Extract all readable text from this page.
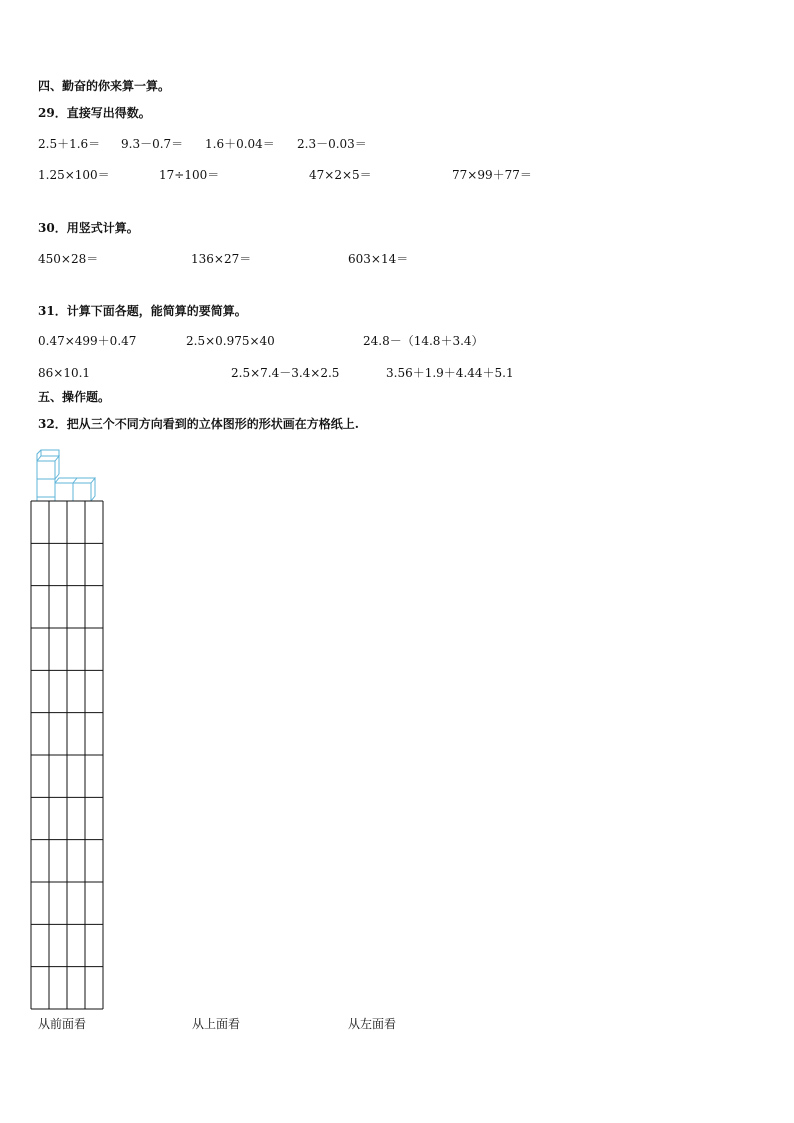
四、勤奋的你来算一算。
29．直接写出得数。
2.5＋1.6＝ 9.3－0.7＝ 1.6＋0.04＝ 2.3－0.03＝
1.25×100＝	17÷100＝	47×2×5＝	77×99＋77＝
30．用竖式计算。
450×28＝	136×27＝	603×14＝
31．计算下面各题，能简算的要简算。
0.47×499＋0.47	2.5×0.975×40	24.8－（14.8＋3.4）
86×10.1	2.5×7.4－3.4×2.5	3.56＋1.9＋4.44＋5.1
五、操作题。
32．把从三个不同方向看到的立体图形的形状画在方格纸上.
从前面看	从上面看	从左面看
